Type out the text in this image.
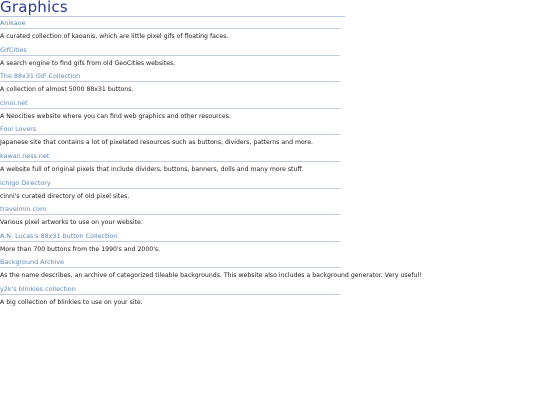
Graphics
Anikaoe
A curated collection of kaoanis, which are little pixel gifs of floating faces.
GifCities
A search engine to find gifs from old GeoCities websites.
The 88x31 GIF Collection
A collection of almost 5000 88x31 buttons.
cinni.net
A Neocities website where you can find web graphics and other resources.
Fool Lovers
Japanese site that contains a lot of pixelated resources such as buttons, dividers, patterns and more.
kawaii.ness.net
A website full of original pixels that include dividers, buttons, banners, dolls and many more stuff.
Ichigo Directory
cinni's curated directory of old pixel sites.
travelmin.com
Various pixel artworks to use on your website.
A.N. Lucas's 88x31 button Collection
More than 700 buttons from the 1990's and 2000's.
Background Archive
As the name describes, an archive of categorized tileable backgrounds. This website also includes a background generator. Very useful!
y2k's blinkies collection
A big collection of blinkies to use on your site.
